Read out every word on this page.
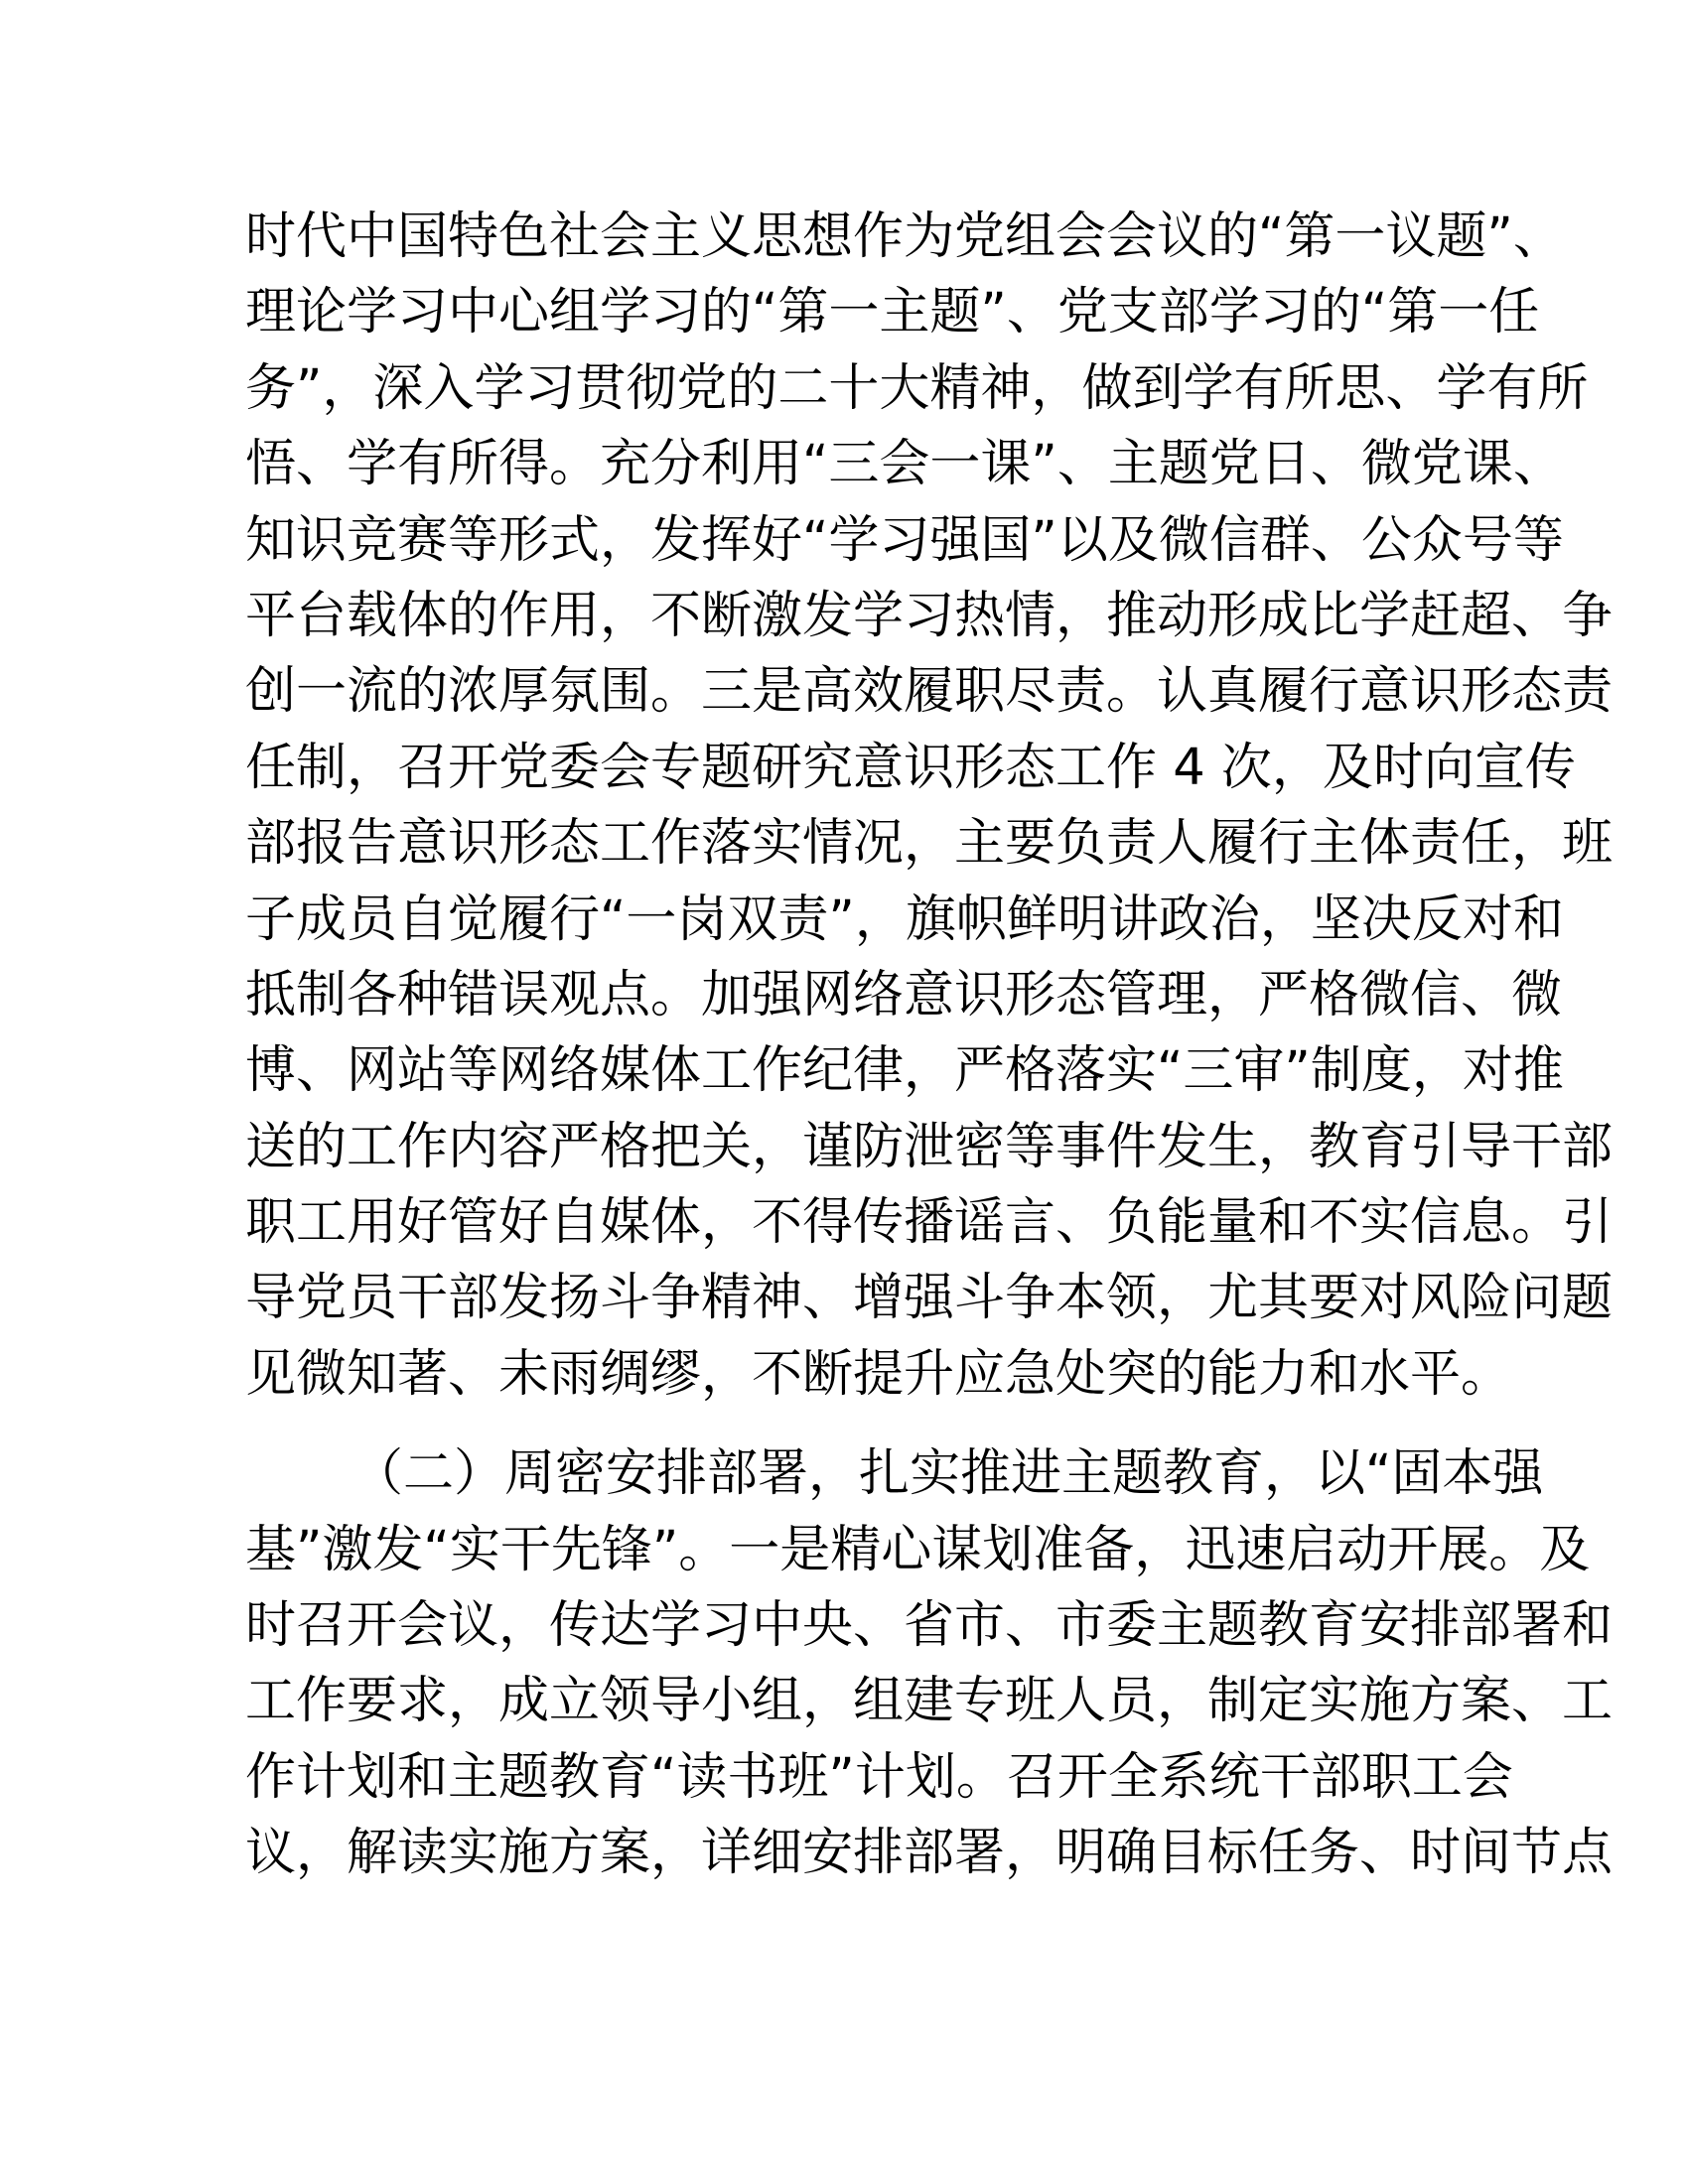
时代中国特色社会主义思想作为党组会会议的“第一议题”、
理论学习中心组学习的“第一主题”、党支部学习的“第一任
务”，深入学习贯彻党的二十大精神，做到学有所思、学有所
悟、学有所得。充分利用“三会一课”、主题党日、微党课、
知识竞赛等形式，发挥好“学习强国”以及微信群、公众号等
平台载体的作用，不断激发学习热情，推动形成比学赶超、争
创一流的浓厚氛围。三是高效履职尽责。认真履行意识形态责
任制，召开党委会专题研究意识形态工作 4 次，及时向宣传
部报告意识形态工作落实情况，主要负责人履行主体责任，班
子成员自觉履行“一岗双责”，旗帜鲜明讲政治，坚决反对和
抵制各种错误观点。加强网络意识形态管理，严格微信、微
博、网站等网络媒体工作纪律，严格落实“三审”制度，对推
送的工作内容严格把关，谨防泄密等事件发生，教育引导干部
职工用好管好自媒体，不得传播谣言、负能量和不实信息。引
导党员干部发扬斗争精神、增强斗争本领，尤其要对风险问题
见微知著、未雨绸缪，不断提升应急处突的能力和水平。
（二）周密安排部署，扎实推进主题教育，以“固本强
基”激发“实干先锋”。一是精心谋划准备，迅速启动开展。及
时召开会议，传达学习中央、省市、市委主题教育安排部署和
工作要求，成立领导小组，组建专班人员，制定实施方案、工
作计划和主题教育“读书班”计划。召开全系统干部职工会
议，解读实施方案，详细安排部署，明确目标任务、时间节点
